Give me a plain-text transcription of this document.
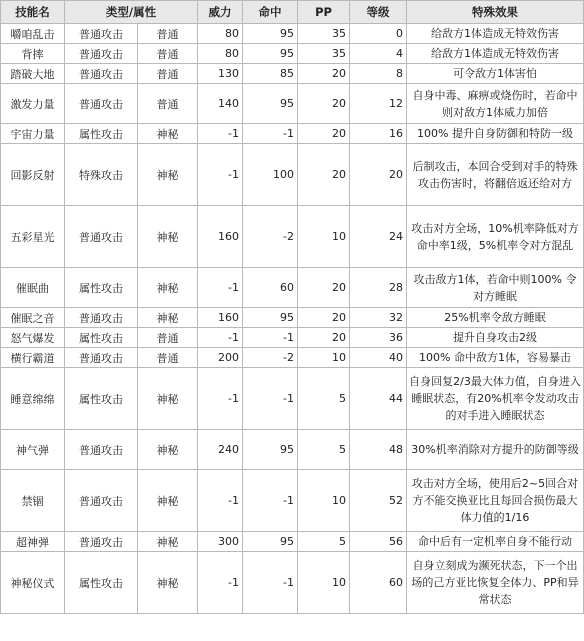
技能名	类型/属性		威力	命中	PP	等级	特殊效果
嚼咱乱击	普通攻击	普通	80	95	35	0	给敌方1体造成无特效伤害
背摔	普通攻击	普通	80	95	35	4	给敌方1体造成无特效伤害
踏破大地	普通攻击	普通	130	85	20	8	可令敌方1体害怕
激发力量	普通攻击	普通	140	95	20	12	自身中毒、麻痹或烧伤时，若命中则对敌方1体威力加倍
宇宙力量	属性攻击	神秘	-1	-1	20	16	100% 提升自身防御和特防一级
回影反射	特殊攻击	神秘	-1	100	20	20	后制攻击，本回合受到对手的特殊攻击伤害时，将翻倍返还给对方
五彩星光	普通攻击	神秘	160	-2	10	24	攻击对方全场，10%机率降低对方命中率1级，5%机率令对方混乱
催眠曲	属性攻击	神秘	-1	60	20	28	攻击敌方1体，若命中则100% 令对方睡眠
催眠之音	普通攻击	神秘	160	95	20	32	25%机率令敌方睡眠
怒气爆发	属性攻击	普通	-1	-1	20	36	提升自身攻击2级
横行霸道	普通攻击	普通	200	-2	10	40	100% 命中敌方1体，容易暴击
睡意绵绵	属性攻击	神秘	-1	-1	5	44	自身回复2/3最大体力值，自身进入睡眠状态，有20%机率令发动攻击的对手进入睡眠状态
神气弹	普通攻击	神秘	240	95	5	48	30%机率消除对方提升的防御等级
禁锢	普通攻击	神秘	-1	-1	10	52	攻击对方全场，使用后2~5回合对方不能交换亚比且每回合损伤最大体力值的1/16
超神弹	普通攻击	神秘	300	95	5	56	命中后有一定机率自身不能行动
神秘仪式	属性攻击	神秘	-1	-1	10	60	自身立刻成为濒死状态，下一个出场的己方亚比恢复全体力、PP和异常状态
